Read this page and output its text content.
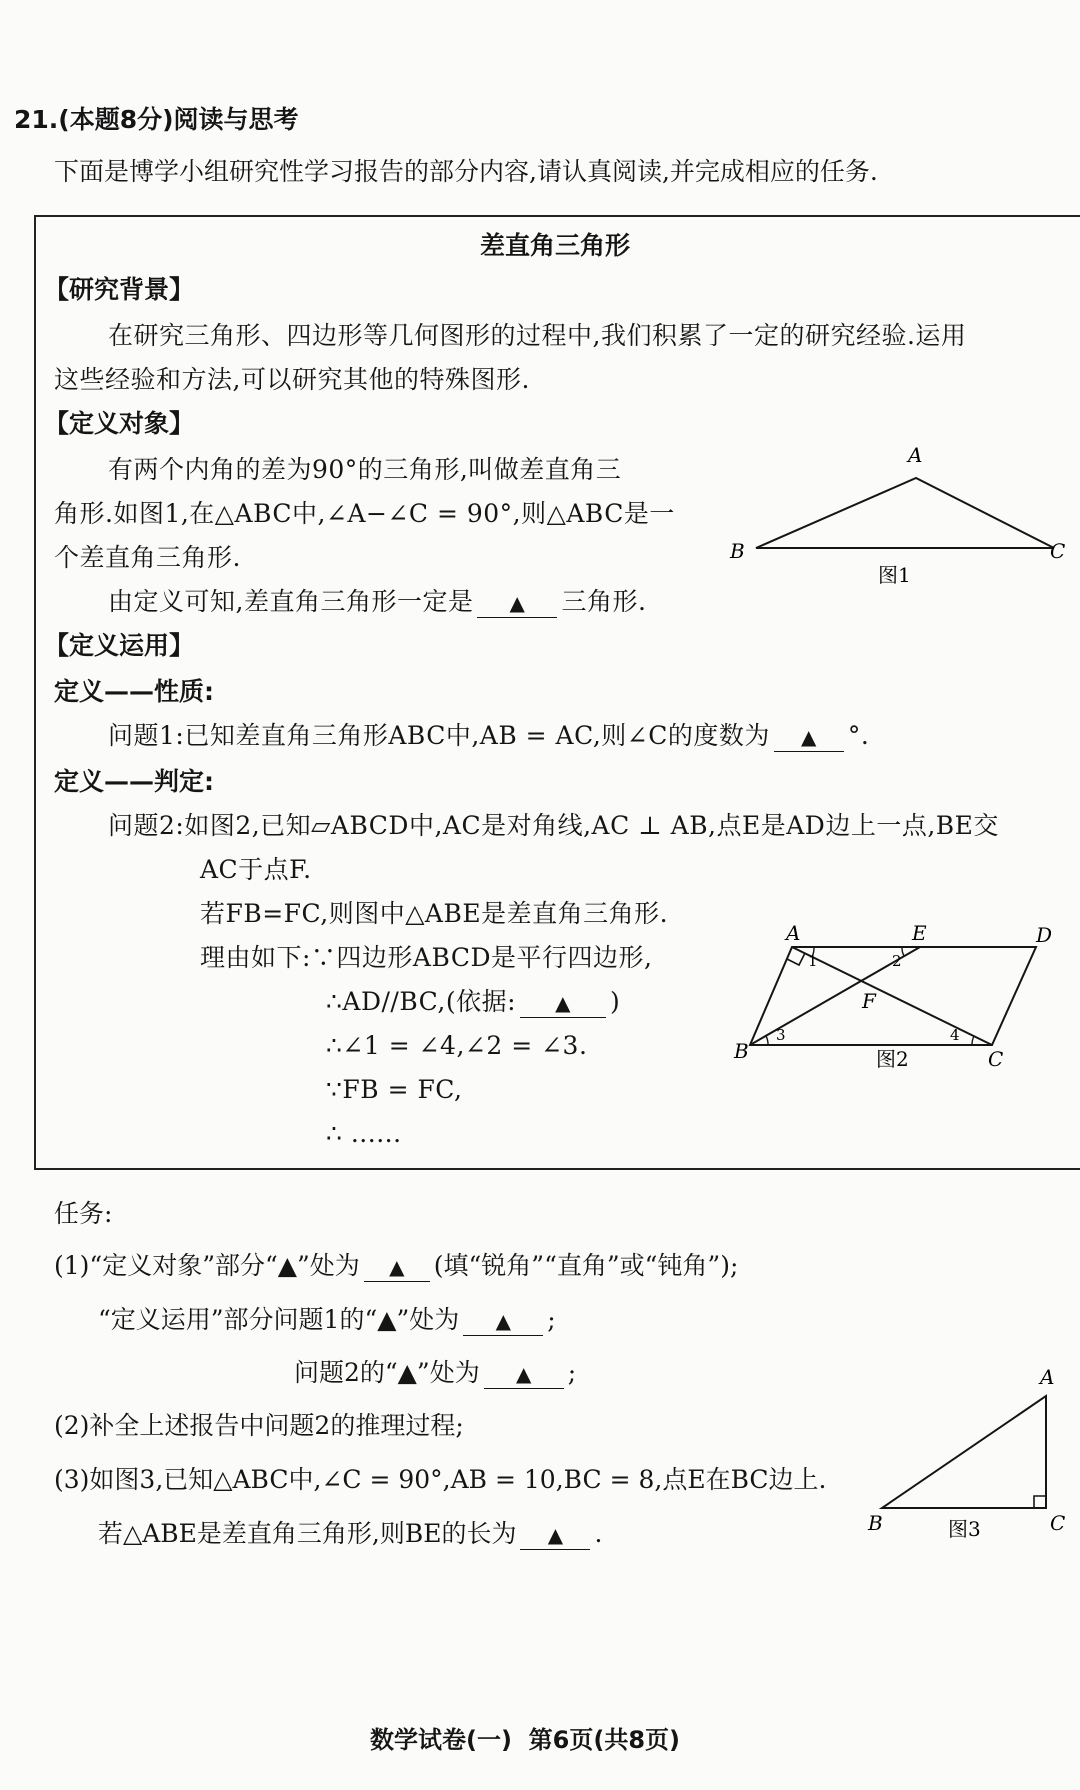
21.(本题8分)阅读与思考
下面是博学小组研究性学习报告的部分内容,请认真阅读,并完成相应的任务.
差直角三角形
【研究背景】
在研究三角形、四边形等几何图形的过程中,我们积累了一定的研究经验.运用
这些经验和方法,可以研究其他的特殊图形.
【定义对象】
有两个内角的差为90°的三角形,叫做差直角三
角形.如图1,在△ABC中,∠A−∠C = 90°,则△ABC是一
个差直角三角形.
由定义可知,差直角三角形一定是 ▲ 三角形.
【定义运用】
定义——性质:
问题1:已知差直角三角形ABC中,AB = AC,则∠C的度数为 ▲ °.
定义——判定:
问题2:如图2,已知▱ABCD中,AC是对角线,AC ⊥ AB,点E是AD边上一点,BE交
AC于点F.
若FB=FC,则图中△ABE是差直角三角形.
理由如下:∵四边形ABCD是平行四边形,
∴AD//BC,(依据: ▲ )
∴∠1 = ∠4,∠2 = ∠3.
∵FB = FC,
∴ ......
A
B	C
图1
A	E	D
F
B	C
1	2
3	4
图2
任务:
(1)“定义对象”部分“▲”处为 ▲ (填“锐角”“直角”或“钝角”);
“定义运用”部分问题1的“▲”处为 ▲ ;
问题2的“▲”处为 ▲ ;
(2)补全上述报告中问题2的推理过程;
(3)如图3,已知△ABC中,∠C = 90°,AB = 10,BC = 8,点E在BC边上.
若△ABE是差直角三角形,则BE的长为 ▲ .
A
B	C
图3
数学试卷(一)  第6页(共8页)
